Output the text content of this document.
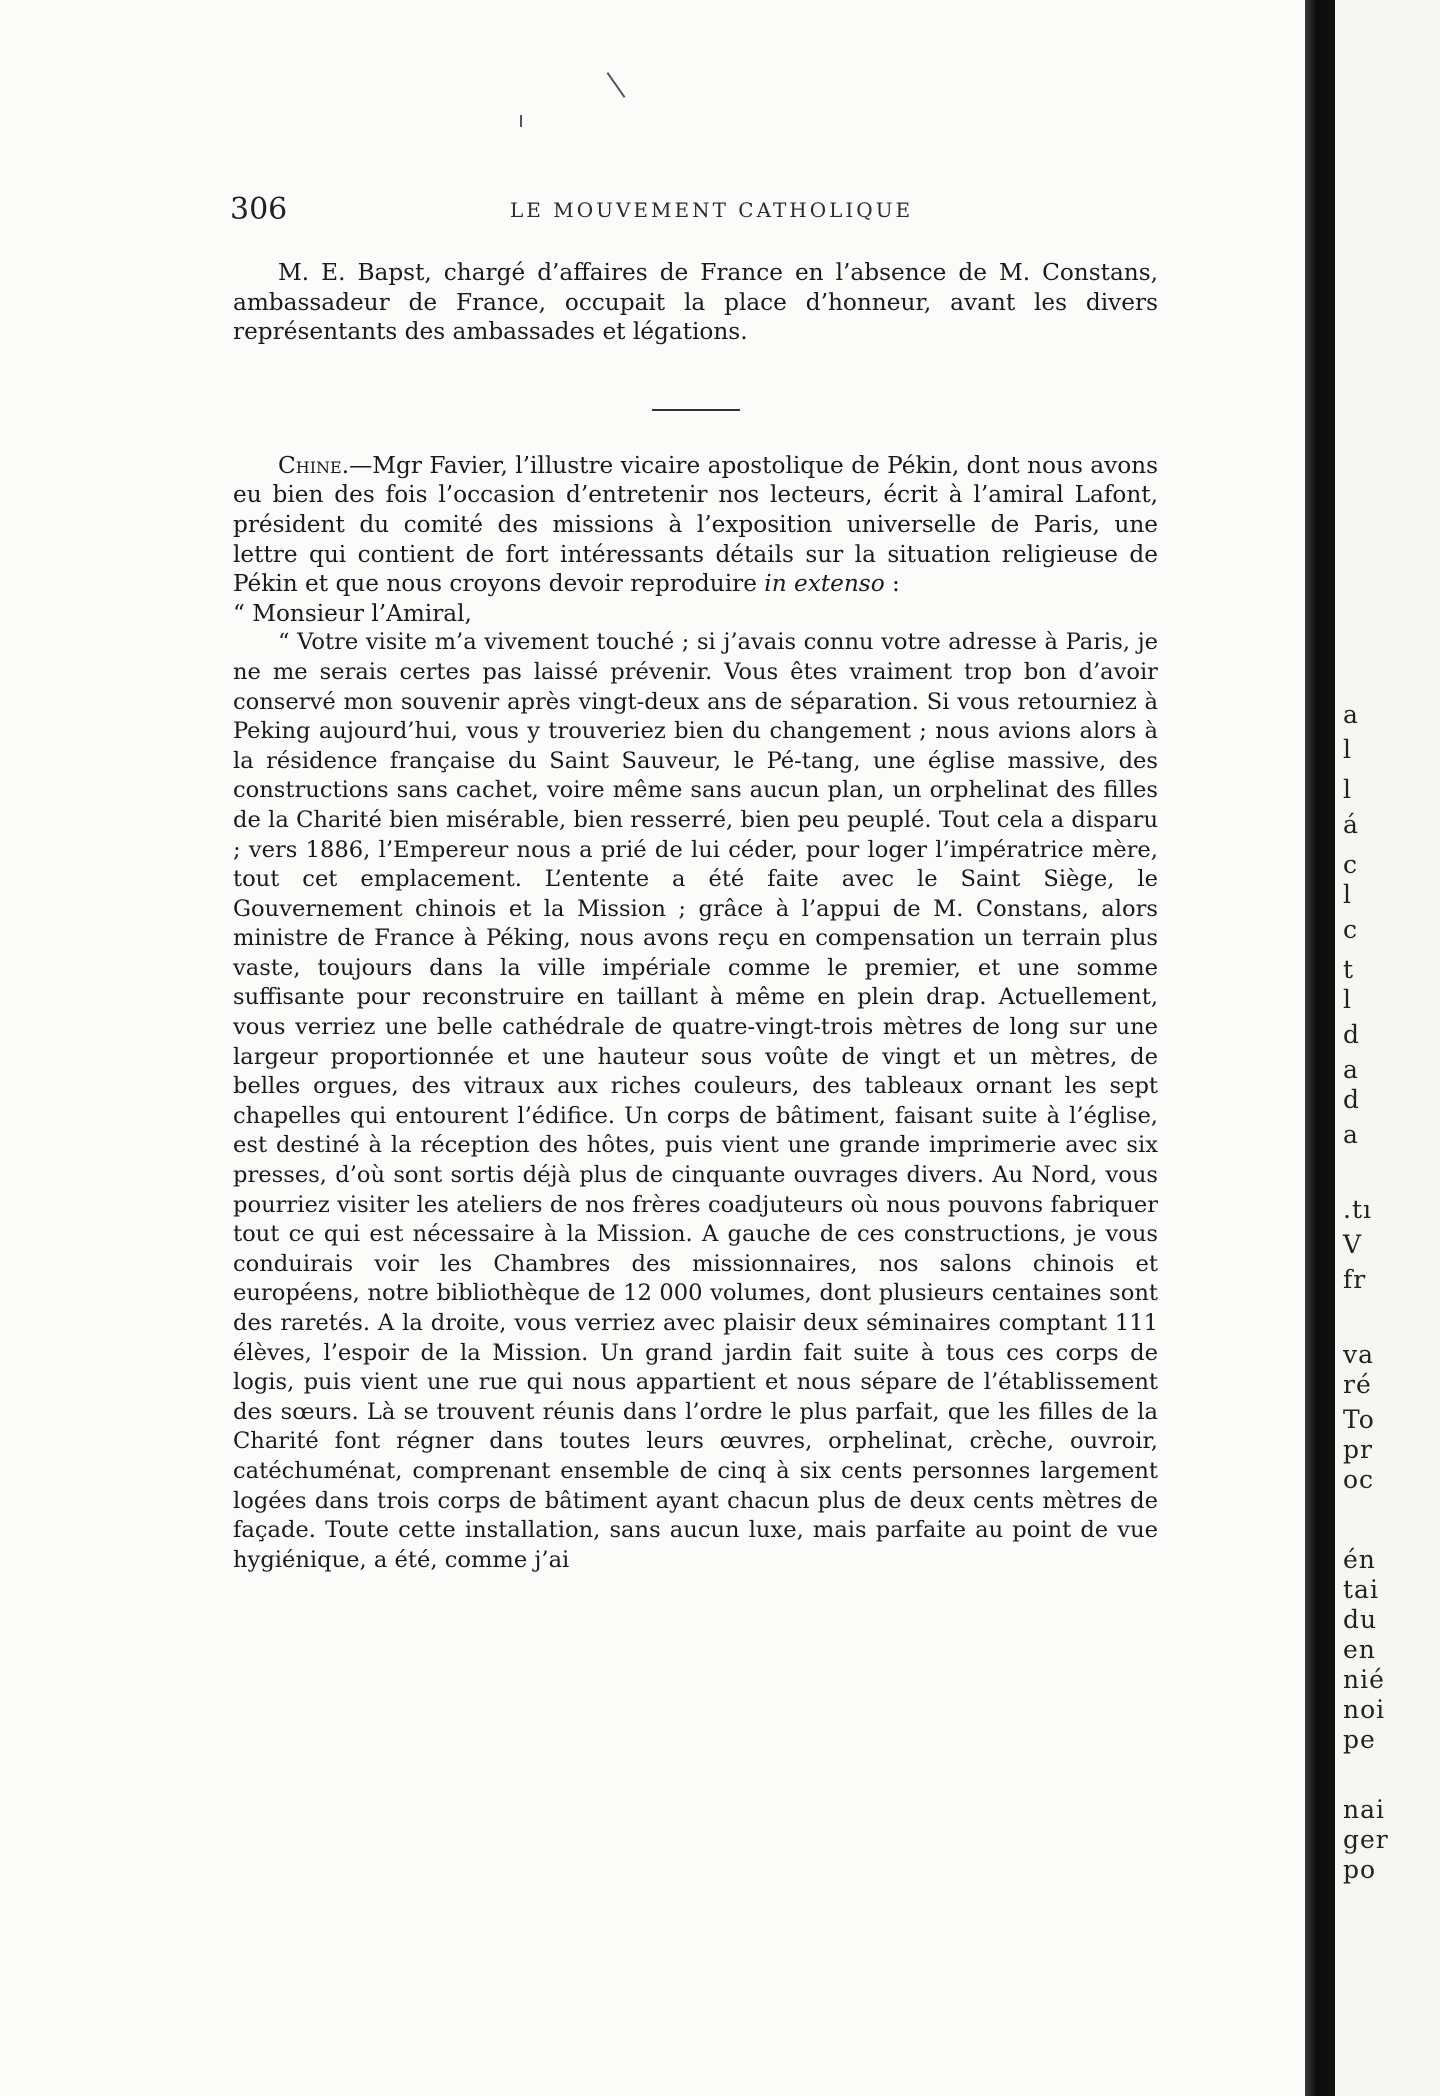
306	LE MOUVEMENT CATHOLIQUE

M. E. Bapst, chargé d’affaires de France en l’absence de M. Constans, ambassadeur de France, occupait la place d’honneur, avant les divers représentants des ambassades et légations.

Chine.—Mgr Favier, l’illustre vicaire apostolique de Pékin, dont nous avons eu bien des fois l’occasion d’entretenir nos lecteurs, écrit à l’amiral Lafont, président du comité des missions à l’exposition universelle de Paris, une lettre qui contient de fort intéressants détails sur la situation religieuse de Pékin et que nous croyons devoir reproduire in extenso :

“ Monsieur l’Amiral,

“ Votre visite m’a vivement touché ; si j’avais connu votre adresse à Paris, je ne me serais certes pas laissé prévenir. Vous êtes vraiment trop bon d’avoir conservé mon souvenir après vingt-deux ans de séparation. Si vous retourniez à Peking aujourd’hui, vous y trouveriez bien du changement ; nous avions alors à la résidence française du Saint Sauveur, le Pé-tang, une église massive, des constructions sans cachet, voire même sans aucun plan, un orphelinat des filles de la Charité bien misérable, bien resserré, bien peu peuplé. Tout cela a disparu ; vers 1886, l’Empereur nous a prié de lui céder, pour loger l’impératrice mère, tout cet emplacement. L’entente a été faite avec le Saint Siège, le Gouvernement chinois et la Mission ; grâce à l’appui de M. Constans, alors ministre de France à Péking, nous avons reçu en compensation un terrain plus vaste, toujours dans la ville impériale comme le premier, et une somme suffisante pour reconstruire en taillant à même en plein drap. Actuellement, vous verriez une belle cathédrale de quatre-vingt-trois mètres de long sur une largeur proportionnée et une hauteur sous voûte de vingt et un mètres, de belles orgues, des vitraux aux riches couleurs, des tableaux ornant les sept chapelles qui entourent l’édifice. Un corps de bâtiment, faisant suite à l’église, est destiné à la réception des hôtes, puis vient une grande imprimerie avec six presses, d’où sont sortis déjà plus de cinquante ouvrages divers. Au Nord, vous pourriez visiter les ateliers de nos frères coadjuteurs où nous pouvons fabriquer tout ce qui est nécessaire à la Mission. A gauche de ces constructions, je vous conduirais voir les Chambres des missionnaires, nos salons chinois et européens, notre bibliothèque de 12 000 volumes, dont plusieurs centaines sont des raretés. A la droite, vous verriez avec plaisir deux séminaires comptant 111 élèves, l’espoir de la Mission. Un grand jardin fait suite à tous ces corps de logis, puis vient une rue qui nous appartient et nous sépare de l’établissement des sœurs. Là se trouvent réunis dans l’ordre le plus parfait, que les filles de la Charité font régner dans toutes leurs œuvres, orphelinat, crèche, ouvroir, catéchuménat, comprenant ensemble de cinq à six cents personnes largement logées dans trois corps de bâtiment ayant chacun plus de deux cents mètres de façade. Toute cette installation, sans aucun luxe, mais parfaite au point de vue hygiénique, a été, comme j’ai

a
l
l
á
c
l
c
t
l
d
a
d
a
.tı
V
fr
va
ré
To
pr
oc
én
tai
du
en
nié
noi
pe
nai
ger
po
